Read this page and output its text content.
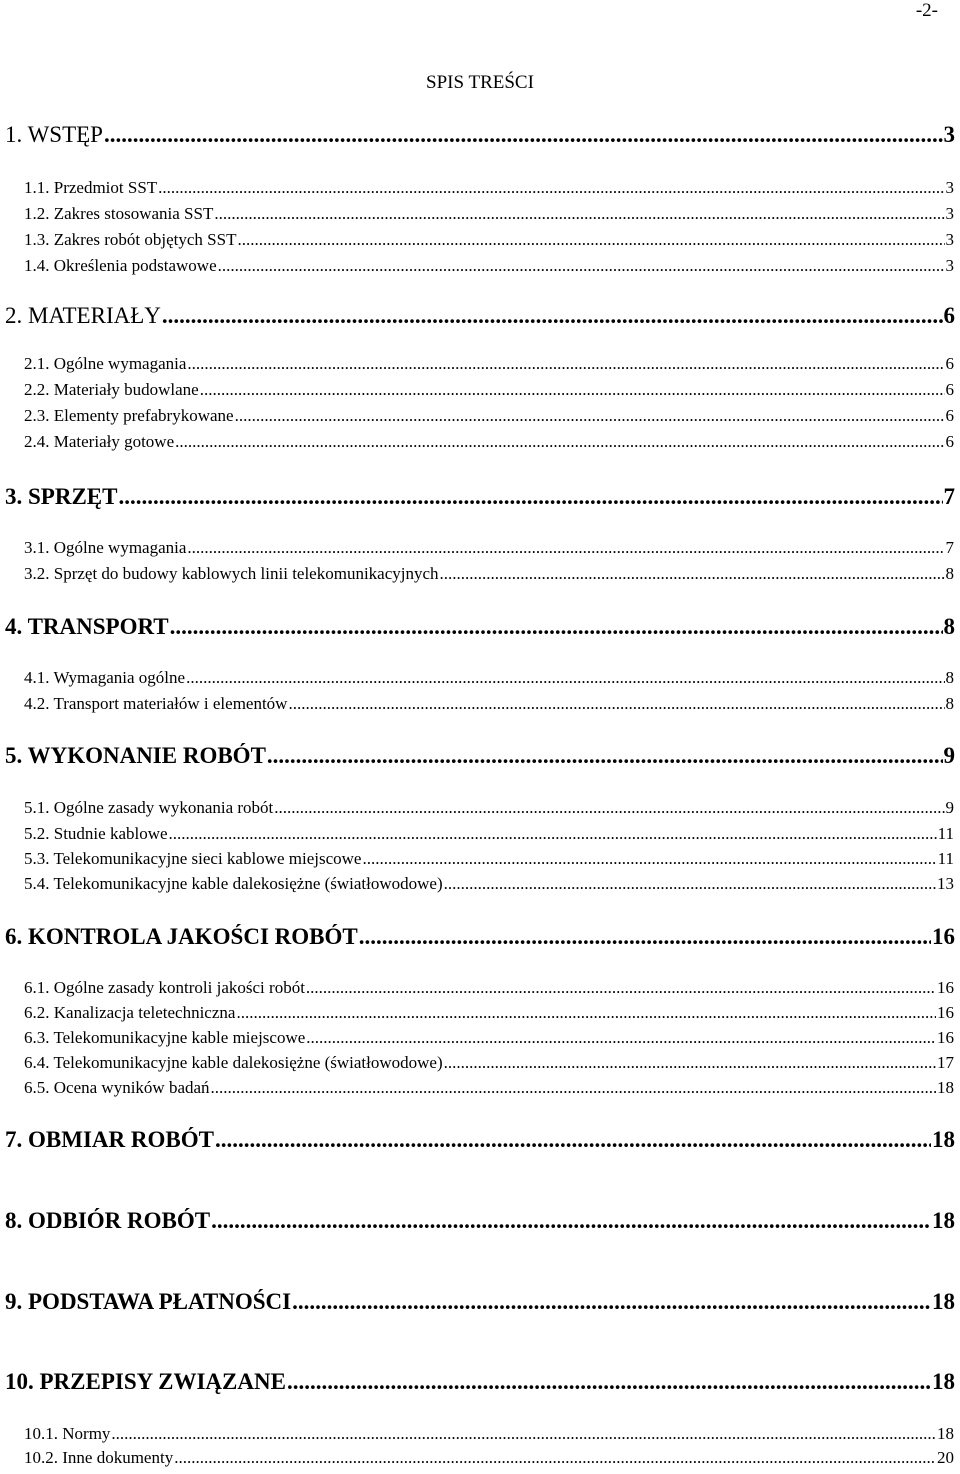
-2-
SPIS TREŚCI
1. WSTĘP .....	3
1.1. Przedmiot SST .....	3
1.2. Zakres stosowania SST .....	3
1.3. Zakres robót objętych SST .....	3
1.4. Określenia podstawowe .....	3
2. MATERIAŁY .....	6
2.1. Ogólne wymagania .....	6
2.2. Materiały budowlane .....	6
2.3. Elementy prefabrykowane .....	6
2.4. Materiały gotowe .....	6
3. SPRZĘT .....	7
3.1. Ogólne wymagania .....	7
3.2. Sprzęt do budowy kablowych linii telekomunikacyjnych .....	8
4. TRANSPORT .....	8
4.1. Wymagania ogólne .....	8
4.2. Transport materiałów i elementów .....	8
5. WYKONANIE ROBÓT .....	9
5.1. Ogólne zasady wykonania robót .....	9
5.2. Studnie kablowe .....	11
5.3. Telekomunikacyjne sieci kablowe miejscowe .....	11
5.4. Telekomunikacyjne kable dalekosiężne (światłowodowe) .....	13
6. KONTROLA JAKOŚCI ROBÓT .....	16
6.1. Ogólne zasady kontroli jakości robót .....	16
6.2. Kanalizacja teletechniczna .....	16
6.3. Telekomunikacyjne kable miejscowe .....	16
6.4. Telekomunikacyjne kable dalekosiężne (światłowodowe) .....	17
6.5. Ocena wyników badań .....	18
7. OBMIAR ROBÓT .....	18
8. ODBIÓR ROBÓT .....	18
9. PODSTAWA PŁATNOŚCI .....	18
10. PRZEPISY ZWIĄZANE .....	18
10.1. Normy .....	18
10.2. Inne dokumenty .....	20
